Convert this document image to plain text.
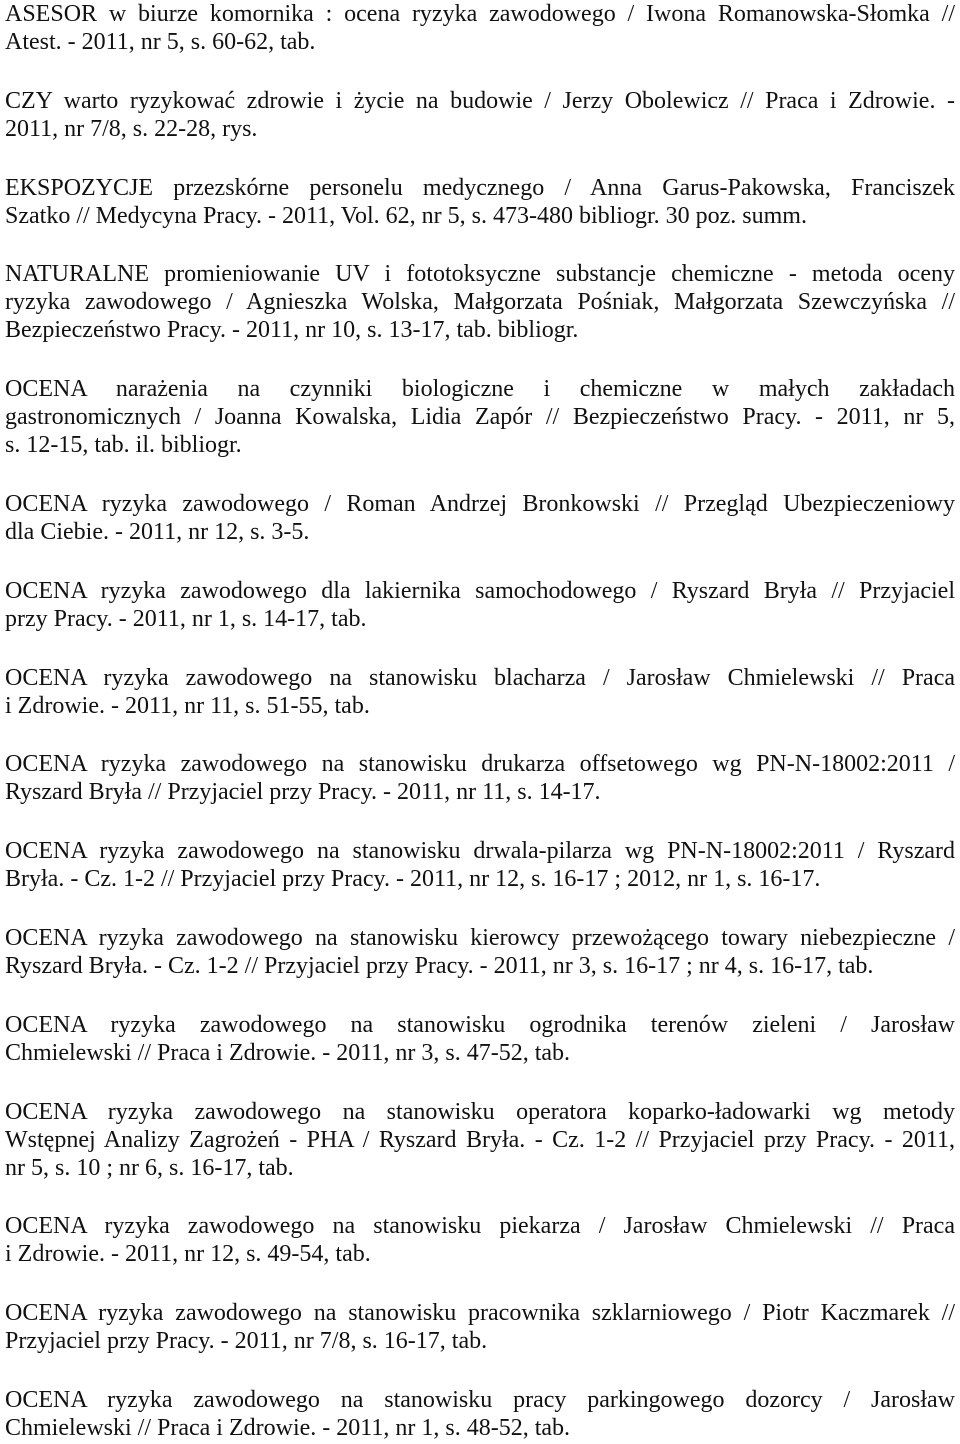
ASESOR w biurze komornika : ocena ryzyka zawodowego / Iwona Romanowska-Słomka //
Atest. - 2011, nr 5, s. 60-62, tab.
CZY warto ryzykować zdrowie i życie na budowie / Jerzy Obolewicz // Praca i Zdrowie. -
2011, nr 7/8, s. 22-28, rys.
EKSPOZYCJE przezskórne personelu medycznego / Anna Garus-Pakowska, Franciszek
Szatko // Medycyna Pracy. - 2011, Vol. 62, nr 5, s. 473-480 bibliogr. 30 poz. summ.
NATURALNE promieniowanie UV i fototoksyczne substancje chemiczne - metoda oceny
ryzyka zawodowego / Agnieszka Wolska, Małgorzata Pośniak, Małgorzata Szewczyńska //
Bezpieczeństwo Pracy. - 2011, nr 10, s. 13-17, tab. bibliogr.
OCENA narażenia na czynniki biologiczne i chemiczne w małych zakładach
gastronomicznych / Joanna Kowalska, Lidia Zapór // Bezpieczeństwo Pracy. - 2011, nr 5,
s. 12-15, tab. il. bibliogr.
OCENA ryzyka zawodowego / Roman Andrzej Bronkowski // Przegląd Ubezpieczeniowy
dla Ciebie. - 2011, nr 12, s. 3-5.
OCENA ryzyka zawodowego dla lakiernika samochodowego / Ryszard Bryła // Przyjaciel
przy Pracy. - 2011, nr 1, s. 14-17, tab.
OCENA ryzyka zawodowego na stanowisku blacharza / Jarosław Chmielewski // Praca
i Zdrowie. - 2011, nr 11, s. 51-55, tab.
OCENA ryzyka zawodowego na stanowisku drukarza offsetowego wg PN-N-18002:2011 /
Ryszard Bryła // Przyjaciel przy Pracy. - 2011, nr 11, s. 14-17.
OCENA ryzyka zawodowego na stanowisku drwala-pilarza wg PN-N-18002:2011 / Ryszard
Bryła. - Cz. 1-2 // Przyjaciel przy Pracy. - 2011, nr 12, s. 16-17 ; 2012, nr 1, s. 16-17.
OCENA ryzyka zawodowego na stanowisku kierowcy przewożącego towary niebezpieczne /
Ryszard Bryła. - Cz. 1-2 // Przyjaciel przy Pracy. - 2011, nr 3, s. 16-17 ; nr 4, s. 16-17, tab.
OCENA ryzyka zawodowego na stanowisku ogrodnika terenów zieleni / Jarosław
Chmielewski // Praca i Zdrowie. - 2011, nr 3, s. 47-52, tab.
OCENA ryzyka zawodowego na stanowisku operatora koparko-ładowarki wg metody
Wstępnej Analizy Zagrożeń - PHA / Ryszard Bryła. - Cz. 1-2 // Przyjaciel przy Pracy. - 2011,
nr 5, s. 10 ; nr 6, s. 16-17, tab.
OCENA ryzyka zawodowego na stanowisku piekarza / Jarosław Chmielewski // Praca
i Zdrowie. - 2011, nr 12, s. 49-54, tab.
OCENA ryzyka zawodowego na stanowisku pracownika szklarniowego / Piotr Kaczmarek //
Przyjaciel przy Pracy. - 2011, nr 7/8, s. 16-17, tab.
OCENA ryzyka zawodowego na stanowisku pracy parkingowego dozorcy / Jarosław
Chmielewski // Praca i Zdrowie. - 2011, nr 1, s. 48-52, tab.
